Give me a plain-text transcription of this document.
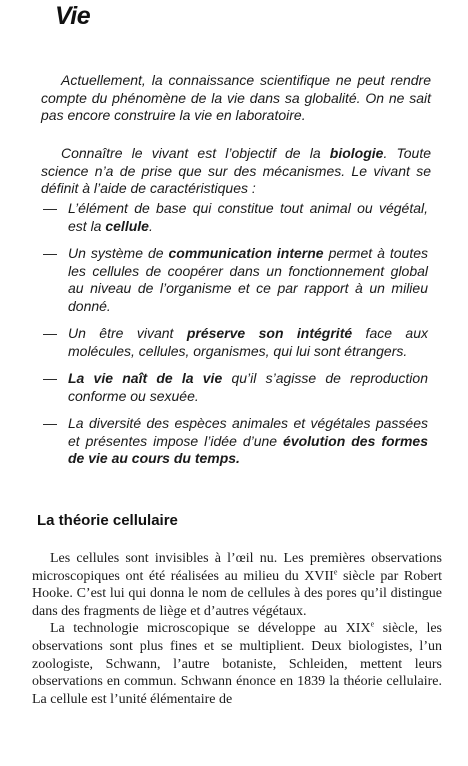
Vie

Actuellement, la connaissance scientifique ne peut rendre compte du phénomène de la vie dans sa globalité. On ne sait pas encore construire la vie en laboratoire.

Connaître le vivant est l’objectif de la biologie. Toute science n’a de prise que sur des mécanismes. Le vivant se définit à l’aide de caractéristiques :

— L’élément de base qui constitue tout animal ou végétal, est la cellule.
— Un système de communication interne permet à toutes les cellules de coopérer dans un fonctionnement global au niveau de l’organisme et ce par rapport à un milieu donné.
— Un être vivant préserve son intégrité face aux molécules, cellules, organismes, qui lui sont étrangers.
— La vie naît de la vie qu’il s’agisse de reproduction conforme ou sexuée.
— La diversité des espèces animales et végétales passées et présentes impose l’idée d’une évolution des formes de vie au cours du temps.
La théorie cellulaire

Les cellules sont invisibles à l’œil nu. Les premières observations microscopiques ont été réalisées au milieu du XVIIe siècle par Robert Hooke. C’est lui qui donna le nom de cellules à des pores qu’il distingue dans des fragments de liège et d’autres végétaux.

La technologie microscopique se développe au XIXe siècle, les observations sont plus fines et se multiplient. Deux biologistes, l’un zoologiste, Schwann, l’autre botaniste, Schleiden, mettent leurs observations en commun. Schwann énonce en 1839 la théorie cellulaire. La cellule est l’unité élémentaire de
